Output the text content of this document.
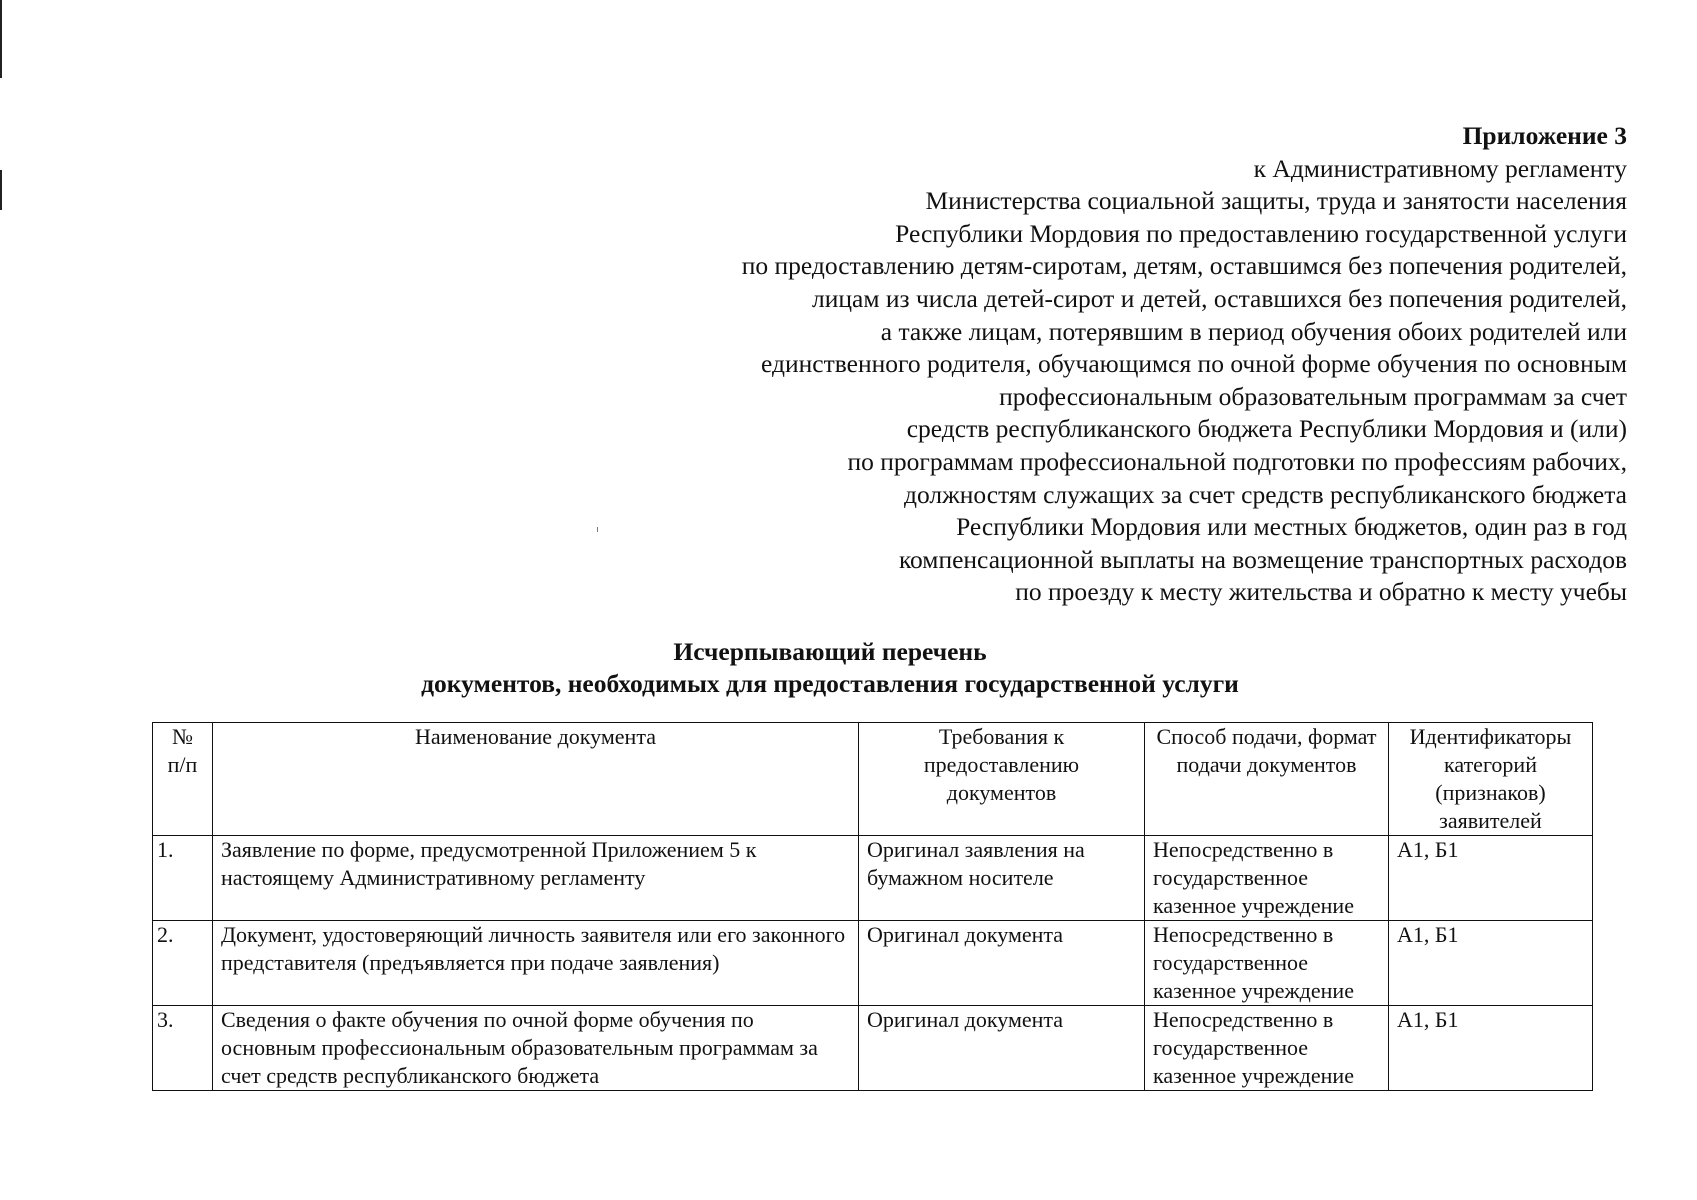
Приложение 3
к Административному регламенту
Министерства социальной защиты, труда и занятости населения
Республики Мордовия по предоставлению государственной услуги
по предоставлению детям-сиротам, детям, оставшимся без попечения родителей,
лицам из числа детей-сирот и детей, оставшихся без попечения родителей,
а также лицам, потерявшим в период обучения обоих родителей или
единственного родителя, обучающимся по очной форме обучения по основным
профессиональным образовательным программам за счет
средств республиканского бюджета Республики Мордовия и (или)
по программам профессиональной подготовки по профессиям рабочих,
должностям служащих за счет средств республиканского бюджета
Республики Мордовия или местных бюджетов, один раз в год
компенсационной выплаты на возмещение транспортных расходов
по проезду к месту жительства и обратно к месту учебы
Исчерпывающий перечень
документов, необходимых для предоставления государственной услуги
№ п/п	Наименование документа	Требования к предоставлению документов	Способ подачи, формат подачи документов	Идентификаторы категорий (признаков) заявителей
1.	Заявление по форме, предусмотренной Приложением 5 к настоящему Административному регламенту	Оригинал заявления на бумажном носителе	Непосредственно в государственное казенное учреждение	А1, Б1
2.	Документ, удостоверяющий личность заявителя или его законного представителя (предъявляется при подаче заявления)	Оригинал документа	Непосредственно в государственное казенное учреждение	А1, Б1
3.	Сведения о факте обучения по очной форме обучения по основным профессиональным образовательным программам за счет средств республиканского бюджета	Оригинал документа	Непосредственно в государственное казенное учреждение	А1, Б1
